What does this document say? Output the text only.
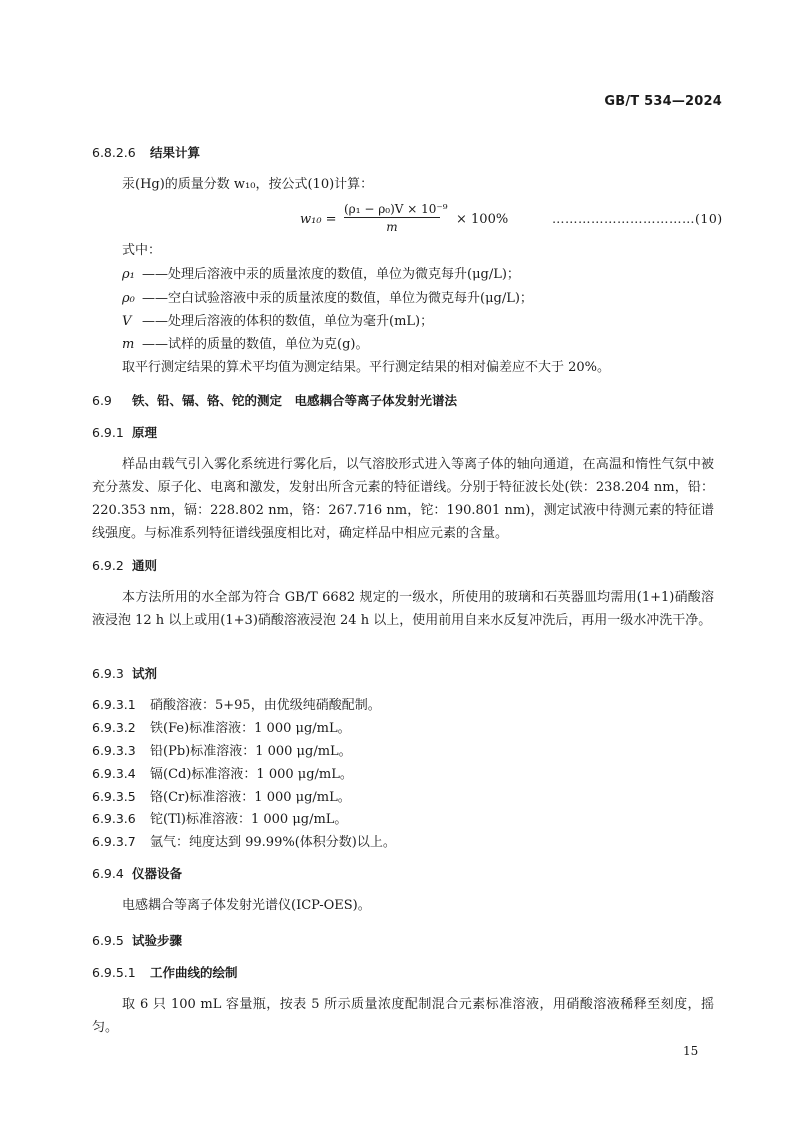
GB/T 534—2024
6.8.2.6 结果计算
汞(Hg)的质量分数 w₁₀，按公式(10)计算：
$w_{10} = \frac{\text{(ρ₁ − ρ₀)V × 10⁻⁹}}{m} \times 100\%$	……………………………(10)
式中：
ρ₁ ——处理后溶液中汞的质量浓度的数值，单位为微克每升(μg/L)；
ρ₀ ——空白试验溶液中汞的质量浓度的数值，单位为微克每升(μg/L)；
V ——处理后溶液的体积的数值，单位为毫升(mL)；
m ——试样的质量的数值，单位为克(g)。
取平行测定结果的算术平均值为测定结果。平行测定结果的相对偏差应不大于 20%。
6.9 铁、铅、镉、铬、铊的测定　电感耦合等离子体发射光谱法
6.9.1 原理

样品由载气引入雾化系统进行雾化后，以气溶胶形式进入等离子体的轴向通道，在高温和惰性气氛中被充分蒸发、原子化、电离和激发，发射出所含元素的特征谱线。分别于特征波长处(铁：238.204 nm，铅：220.353 nm，镉：228.802 nm，铬：267.716 nm，铊：190.801 nm)，测定试液中待测元素的特征谱线强度。与标准系列特征谱线强度相比对，确定样品中相应元素的含量。

6.9.2 通则

本方法所用的水全部为符合 GB/T 6682 规定的一级水，所使用的玻璃和石英器皿均需用(1+1)硝酸溶液浸泡 12 h 以上或用(1+3)硝酸溶液浸泡 24 h 以上，使用前用自来水反复冲洗后，再用一级水冲洗干净。

6.9.3 试剂
6.9.3.1 硝酸溶液：5+95，由优级纯硝酸配制。
6.9.3.2 铁(Fe)标准溶液：1 000 μg/mL。
6.9.3.3 铅(Pb)标准溶液：1 000 μg/mL。
6.9.3.4 镉(Cd)标准溶液：1 000 μg/mL。
6.9.3.5 铬(Cr)标准溶液：1 000 μg/mL。
6.9.3.6 铊(Tl)标准溶液：1 000 μg/mL。
6.9.3.7 氩气：纯度达到 99.99%(体积分数)以上。
6.9.4 仪器设备
电感耦合等离子体发射光谱仪(ICP-OES)。
6.9.5 试验步骤
6.9.5.1 工作曲线的绘制

取 6 只 100 mL 容量瓶，按表 5 所示质量浓度配制混合元素标准溶液，用硝酸溶液稀释至刻度，摇匀。

15
